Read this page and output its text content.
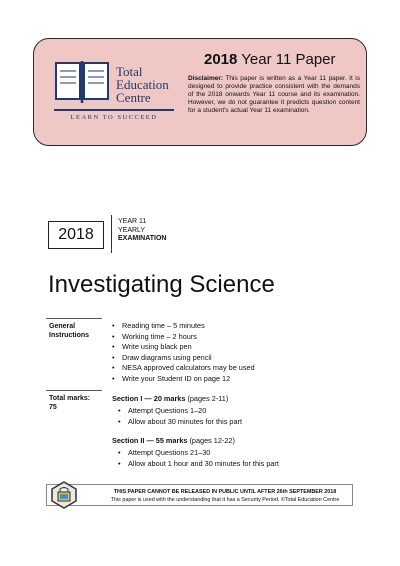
Total
Education
Centre
LEARN TO SUCCEED
2018 Year 11 Paper
Disclaimer: This paper is written as a Year 11 paper. It is designed to provide practice consistent with the demands of the 2018 onwards Year 11 course and its examination. However, we do not guarantee it predicts question content for a student's actual Year 11 examination.
2018
YEAR 11
YEARLY
EXAMINATION
Investigating Science
General
Instructions
• Reading time – 5 minutes
• Working time – 2 hours
• Write using black pen
• Draw diagrams using pencil
• NESA approved calculators may be used
• Write your Student ID on page 12
Total marks:
75
Section I — 20 marks (pages 2-11)
• Attempt Questions 1–20
• Allow about 30 minutes for this part
Section II — 55 marks (pages 12-22)
• Attempt Questions 21–30
• Allow about 1 hour and 30 minutes for this part
THIS PAPER CANNOT BE RELEASED IN PUBLIC UNTIL AFTER 26th SEPTEMBER 2018
This paper is used with the understanding that it has a Security Period. ©Total Education Centre
